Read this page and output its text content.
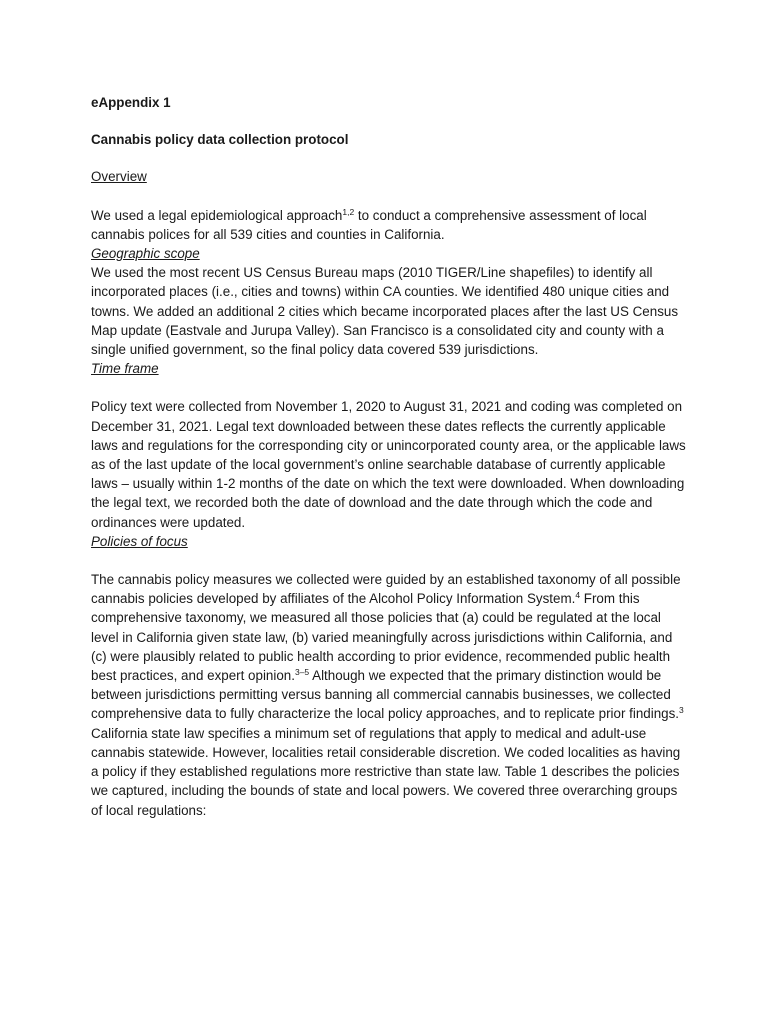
eAppendix 1

Cannabis policy data collection protocol

Overview

We used a legal epidemiological approach$^{1,2}$ to conduct a comprehensive assessment of local cannabis polices for all 539 cities and counties in California.

Geographic scope

We used the most recent US Census Bureau maps (2010 TIGER/Line shapefiles) to identify all incorporated places (i.e., cities and towns) within CA counties. We identified 480 unique cities and towns. We added an additional 2 cities which became incorporated places after the last US Census Map update (Eastvale and Jurupa Valley). San Francisco is a consolidated city and county with a single unified government, so the final policy data covered 539 jurisdictions.

Time frame

Policy text were collected from November 1, 2020 to August 31, 2021 and coding was completed on December 31, 2021. Legal text downloaded between these dates reflects the currently applicable laws and regulations for the corresponding city or unincorporated county area, or the applicable laws as of the last update of the local government’s online searchable database of currently applicable laws – usually within 1-2 months of the date on which the text were downloaded. When downloading the legal text, we recorded both the date of download and the date through which the code and ordinances were updated.

Policies of focus

The cannabis policy measures we collected were guided by an established taxonomy of all possible cannabis policies developed by affiliates of the Alcohol Policy Information System.$^4$ From this comprehensive taxonomy, we measured all those policies that (a) could be regulated at the local level in California given state law, (b) varied meaningfully across jurisdictions within California, and (c) were plausibly related to public health according to prior evidence, recommended public health best practices, and expert opinion.$^{3-5}$ Although we expected that the primary distinction would be between jurisdictions permitting versus banning all commercial cannabis businesses, we collected comprehensive data to fully characterize the local policy approaches, and to replicate prior findings.$^3$

California state law specifies a minimum set of regulations that apply to medical and adult-use cannabis statewide. However, localities retail considerable discretion. We coded localities as having a policy if they established regulations more restrictive than state law. Table 1 describes the policies we captured, including the bounds of state and local powers. We covered three overarching groups of local regulations:
